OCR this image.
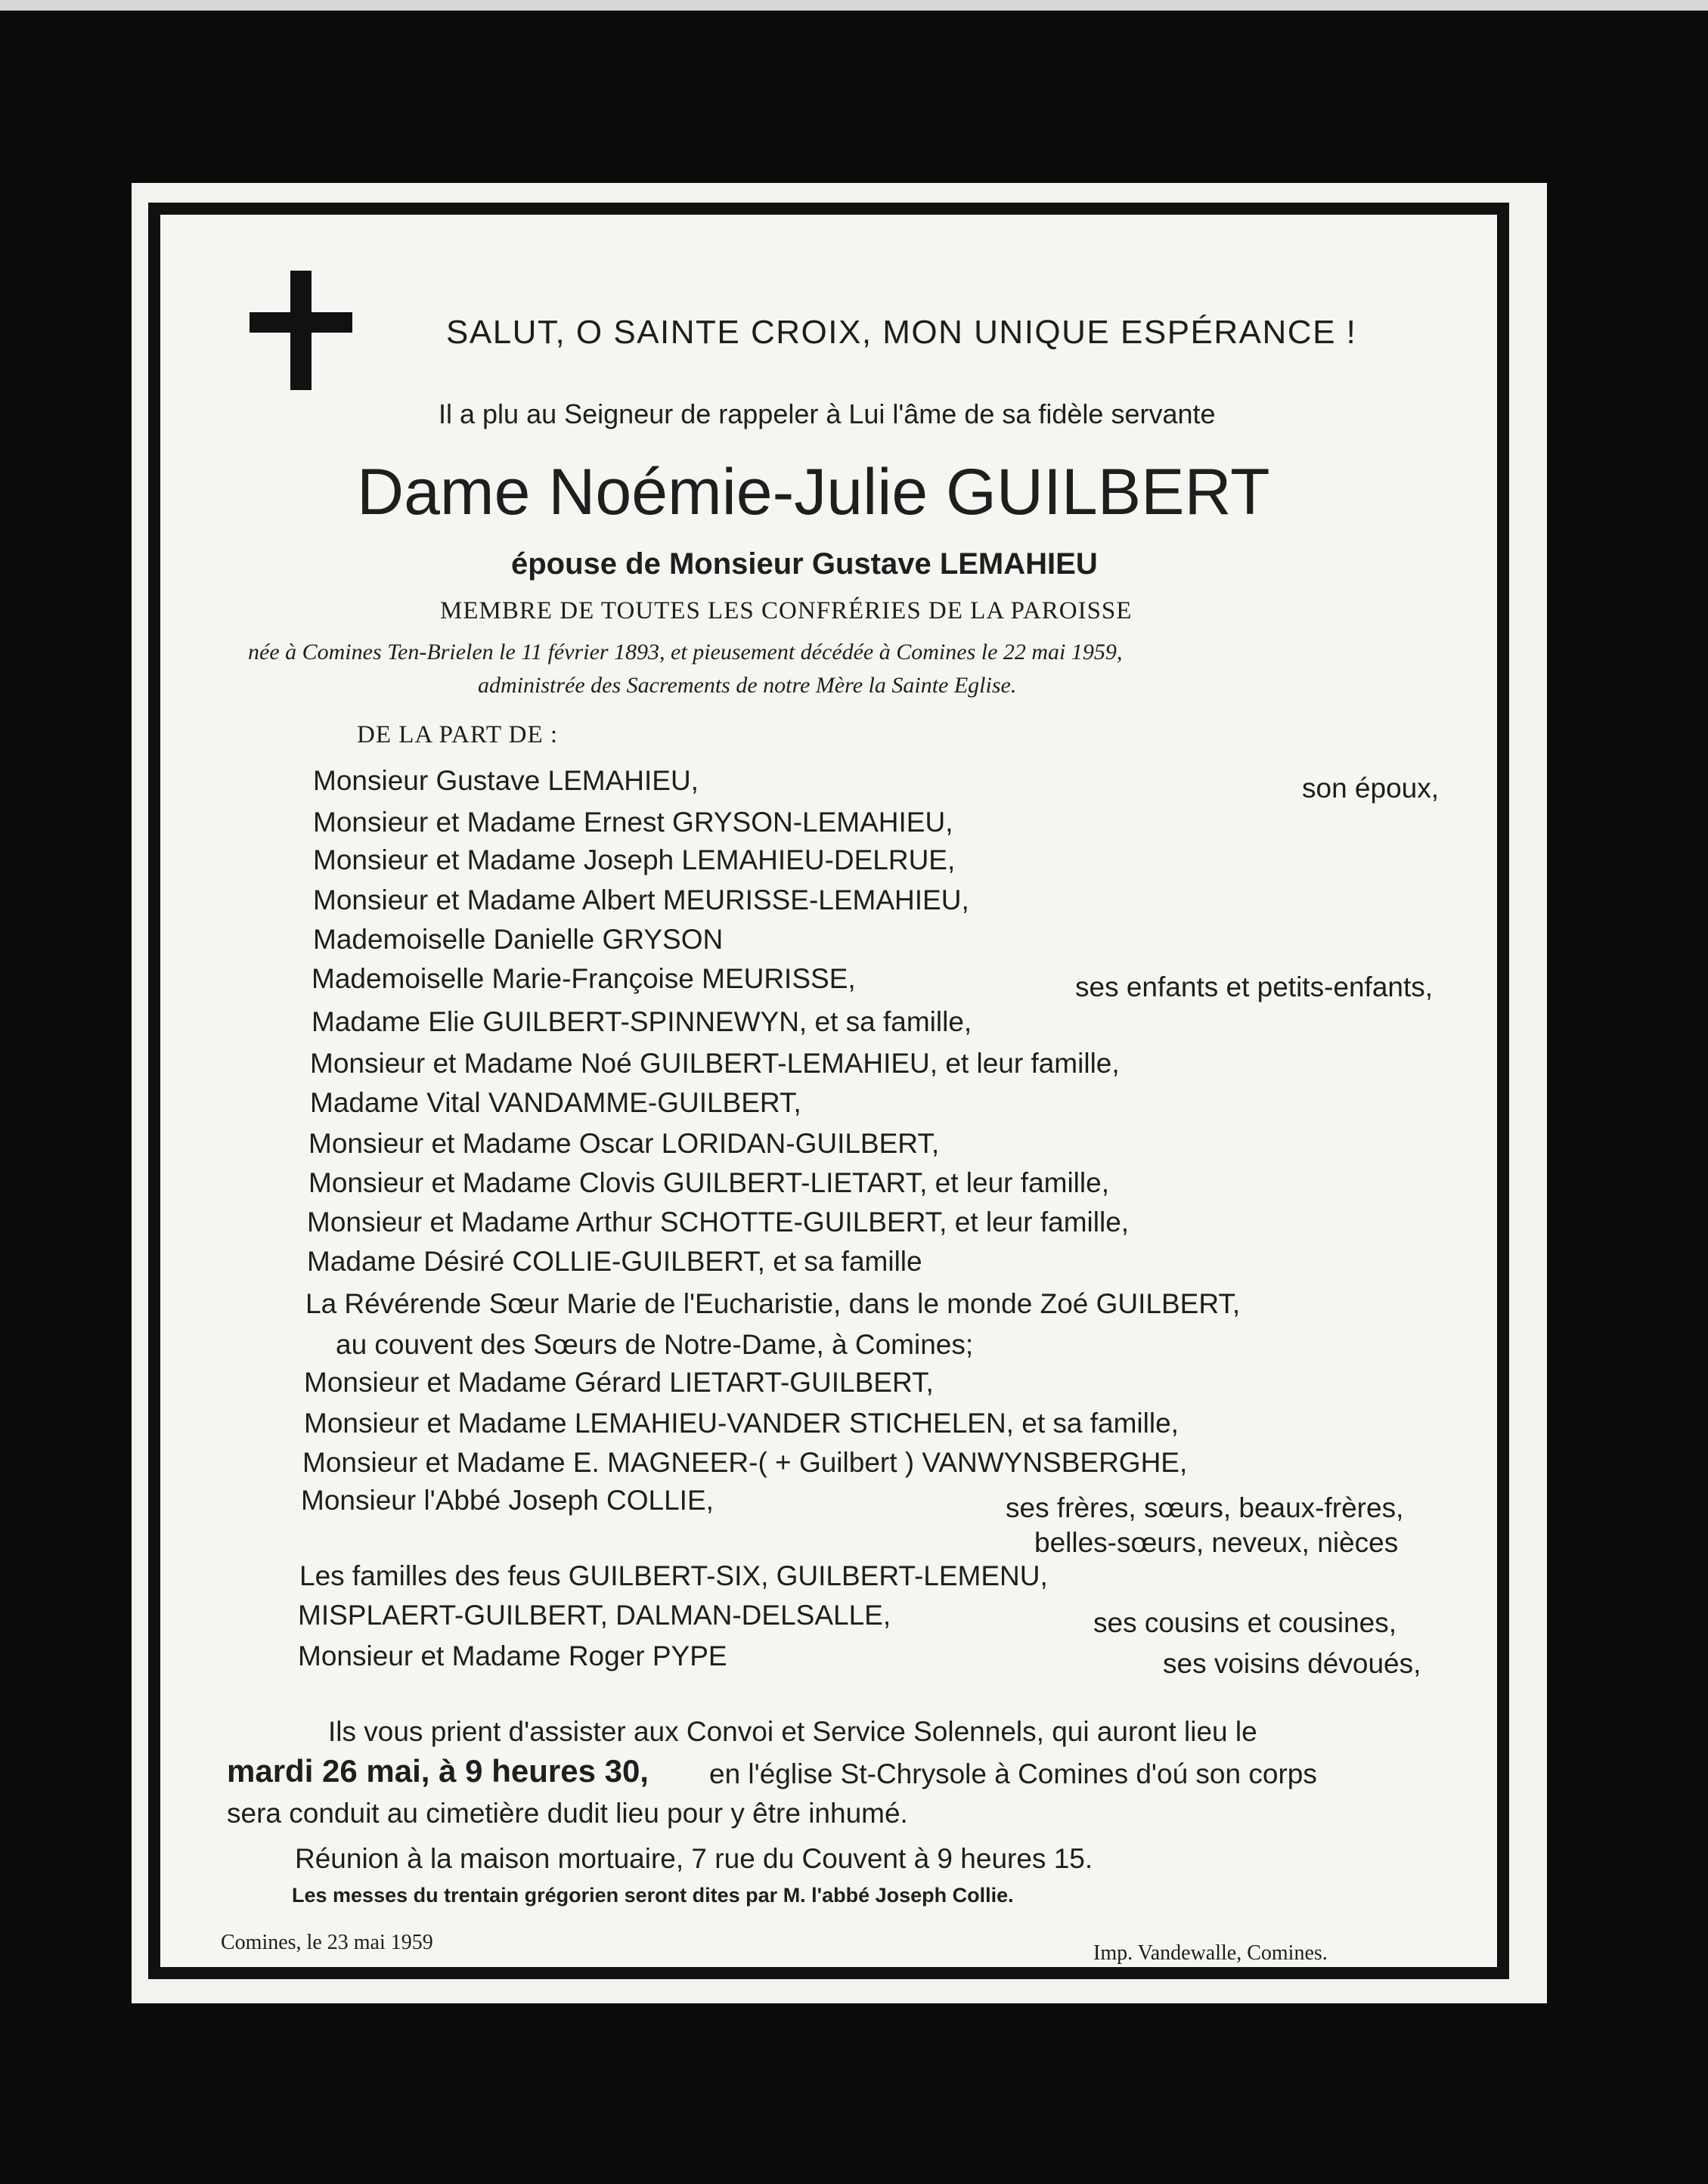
SALUT, O SAINTE CROIX, MON UNIQUE ESPÉRANCE !
Il a plu au Seigneur de rappeler à Lui l'âme de sa fidèle servante
Dame Noémie-Julie GUILBERT
épouse de Monsieur Gustave LEMAHIEU
MEMBRE DE TOUTES LES CONFRÉRIES DE LA PAROISSE
née à Comines Ten-Brielen le 11 février 1893, et pieusement décédée à Comines le 22 mai 1959,
administrée des Sacrements de notre Mère la Sainte Eglise.
DE LA PART DE :
Monsieur Gustave LEMAHIEU,	son époux,
Monsieur et Madame Ernest GRYSON-LEMAHIEU,
Monsieur et Madame Joseph LEMAHIEU-DELRUE,
Monsieur et Madame Albert MEURISSE-LEMAHIEU,
Mademoiselle Danielle GRYSON
Mademoiselle Marie-Françoise MEURISSE,	ses enfants et petits-enfants,
Madame Elie GUILBERT-SPINNEWYN, et sa famille,
Monsieur et Madame Noé GUILBERT-LEMAHIEU, et leur famille,
Madame Vital VANDAMME-GUILBERT,
Monsieur et Madame Oscar LORIDAN-GUILBERT,
Monsieur et Madame Clovis GUILBERT-LIETART, et leur famille,
Monsieur et Madame Arthur SCHOTTE-GUILBERT, et leur famille,
Madame Désiré COLLIE-GUILBERT, et sa famille
La Révérende Sœur Marie de l'Eucharistie, dans le monde Zoé GUILBERT,
au couvent des Sœurs de Notre-Dame, à Comines;
Monsieur et Madame Gérard LIETART-GUILBERT,
Monsieur et Madame LEMAHIEU-VANDER STICHELEN, et sa famille,
Monsieur et Madame E. MAGNEER-( + Guilbert ) VANWYNSBERGHE,
Monsieur l'Abbé Joseph COLLIE,	ses frères, sœurs, beaux-frères,
belles-sœurs, neveux, nièces
Les familles des feus GUILBERT-SIX, GUILBERT-LEMENU,
MISPLAERT-GUILBERT, DALMAN-DELSALLE,	ses cousins et cousines,
Monsieur et Madame Roger PYPE	ses voisins dévoués,
Ils vous prient d'assister aux Convoi et Service Solennels, qui auront lieu le
mardi 26 mai, à 9 heures 30, en l'église St-Chrysole à Comines d'oú son corps
sera conduit au cimetière dudit lieu pour y être inhumé.
Réunion à la maison mortuaire, 7 rue du Couvent à 9 heures 15.
Les messes du trentain grégorien seront dites par M. l'abbé Joseph Collie.
Comines, le 23 mai 1959	Imp. Vandewalle, Comines.
